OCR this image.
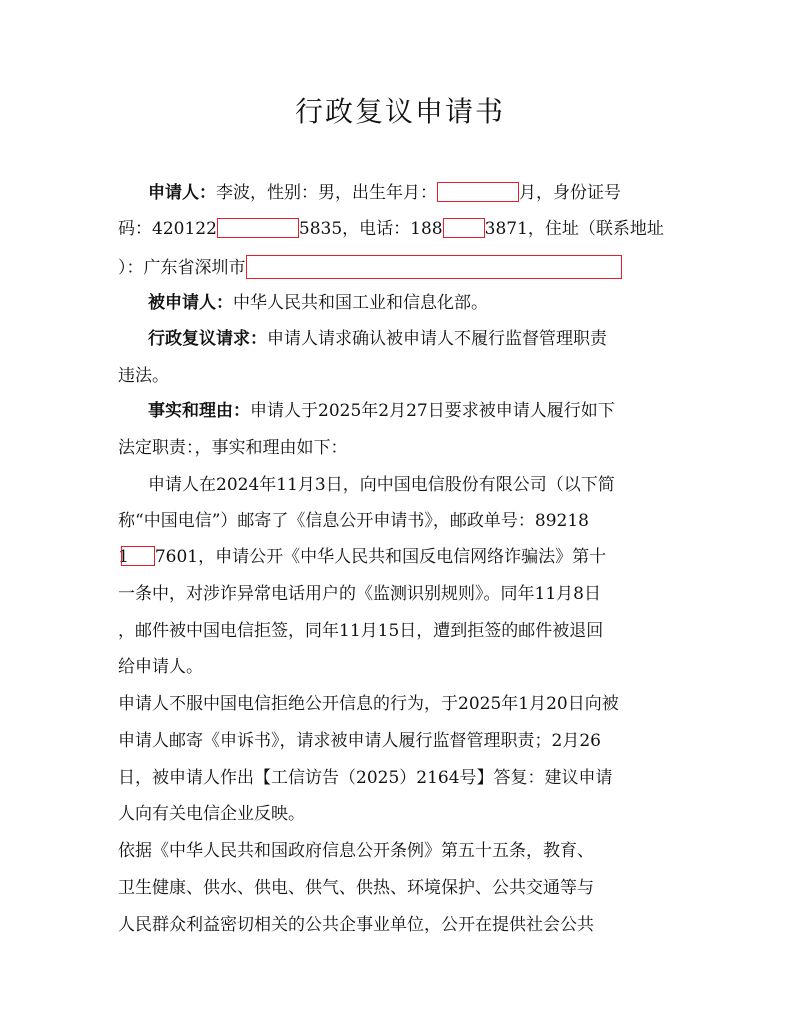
行政复议申请书
申请人：李波，性别：男，出生年月：	月，身份证号
码：420122	5835，电话：188 3871，住址（联系地址
）：广东省深圳市
被申请人：中华人民共和国工业和信息化部。
行政复议请求：申请人请求确认被申请人不履行监督管理职责
违法。
事实和理由：申请人于2025年2月27日要求被申请人履行如下
法定职责：，事实和理由如下：
申请人在2024年11月3日，向中国电信股份有限公司（以下简
称“中国电信”）邮寄了《信息公开申请书》，邮政单号：89218
1 7601，申请公开《中华人民共和国反电信网络诈骗法》第十
一条中，对涉诈异常电话用户的《监测识别规则》。同年11月8日
，邮件被中国电信拒签，同年11月15日，遭到拒签的邮件被退回
给申请人。
申请人不服中国电信拒绝公开信息的行为，于2025年1月20日向被
申请人邮寄《申诉书》，请求被申请人履行监督管理职责；2月26
日，被申请人作出【工信访告（2025）2164号】答复：建议申请
人向有关电信企业反映。
依据《中华人民共和国政府信息公开条例》第五十五条，教育、
卫生健康、供水、供电、供气、供热、环境保护、公共交通等与
人民群众利益密切相关的公共企事业单位，公开在提供社会公共
